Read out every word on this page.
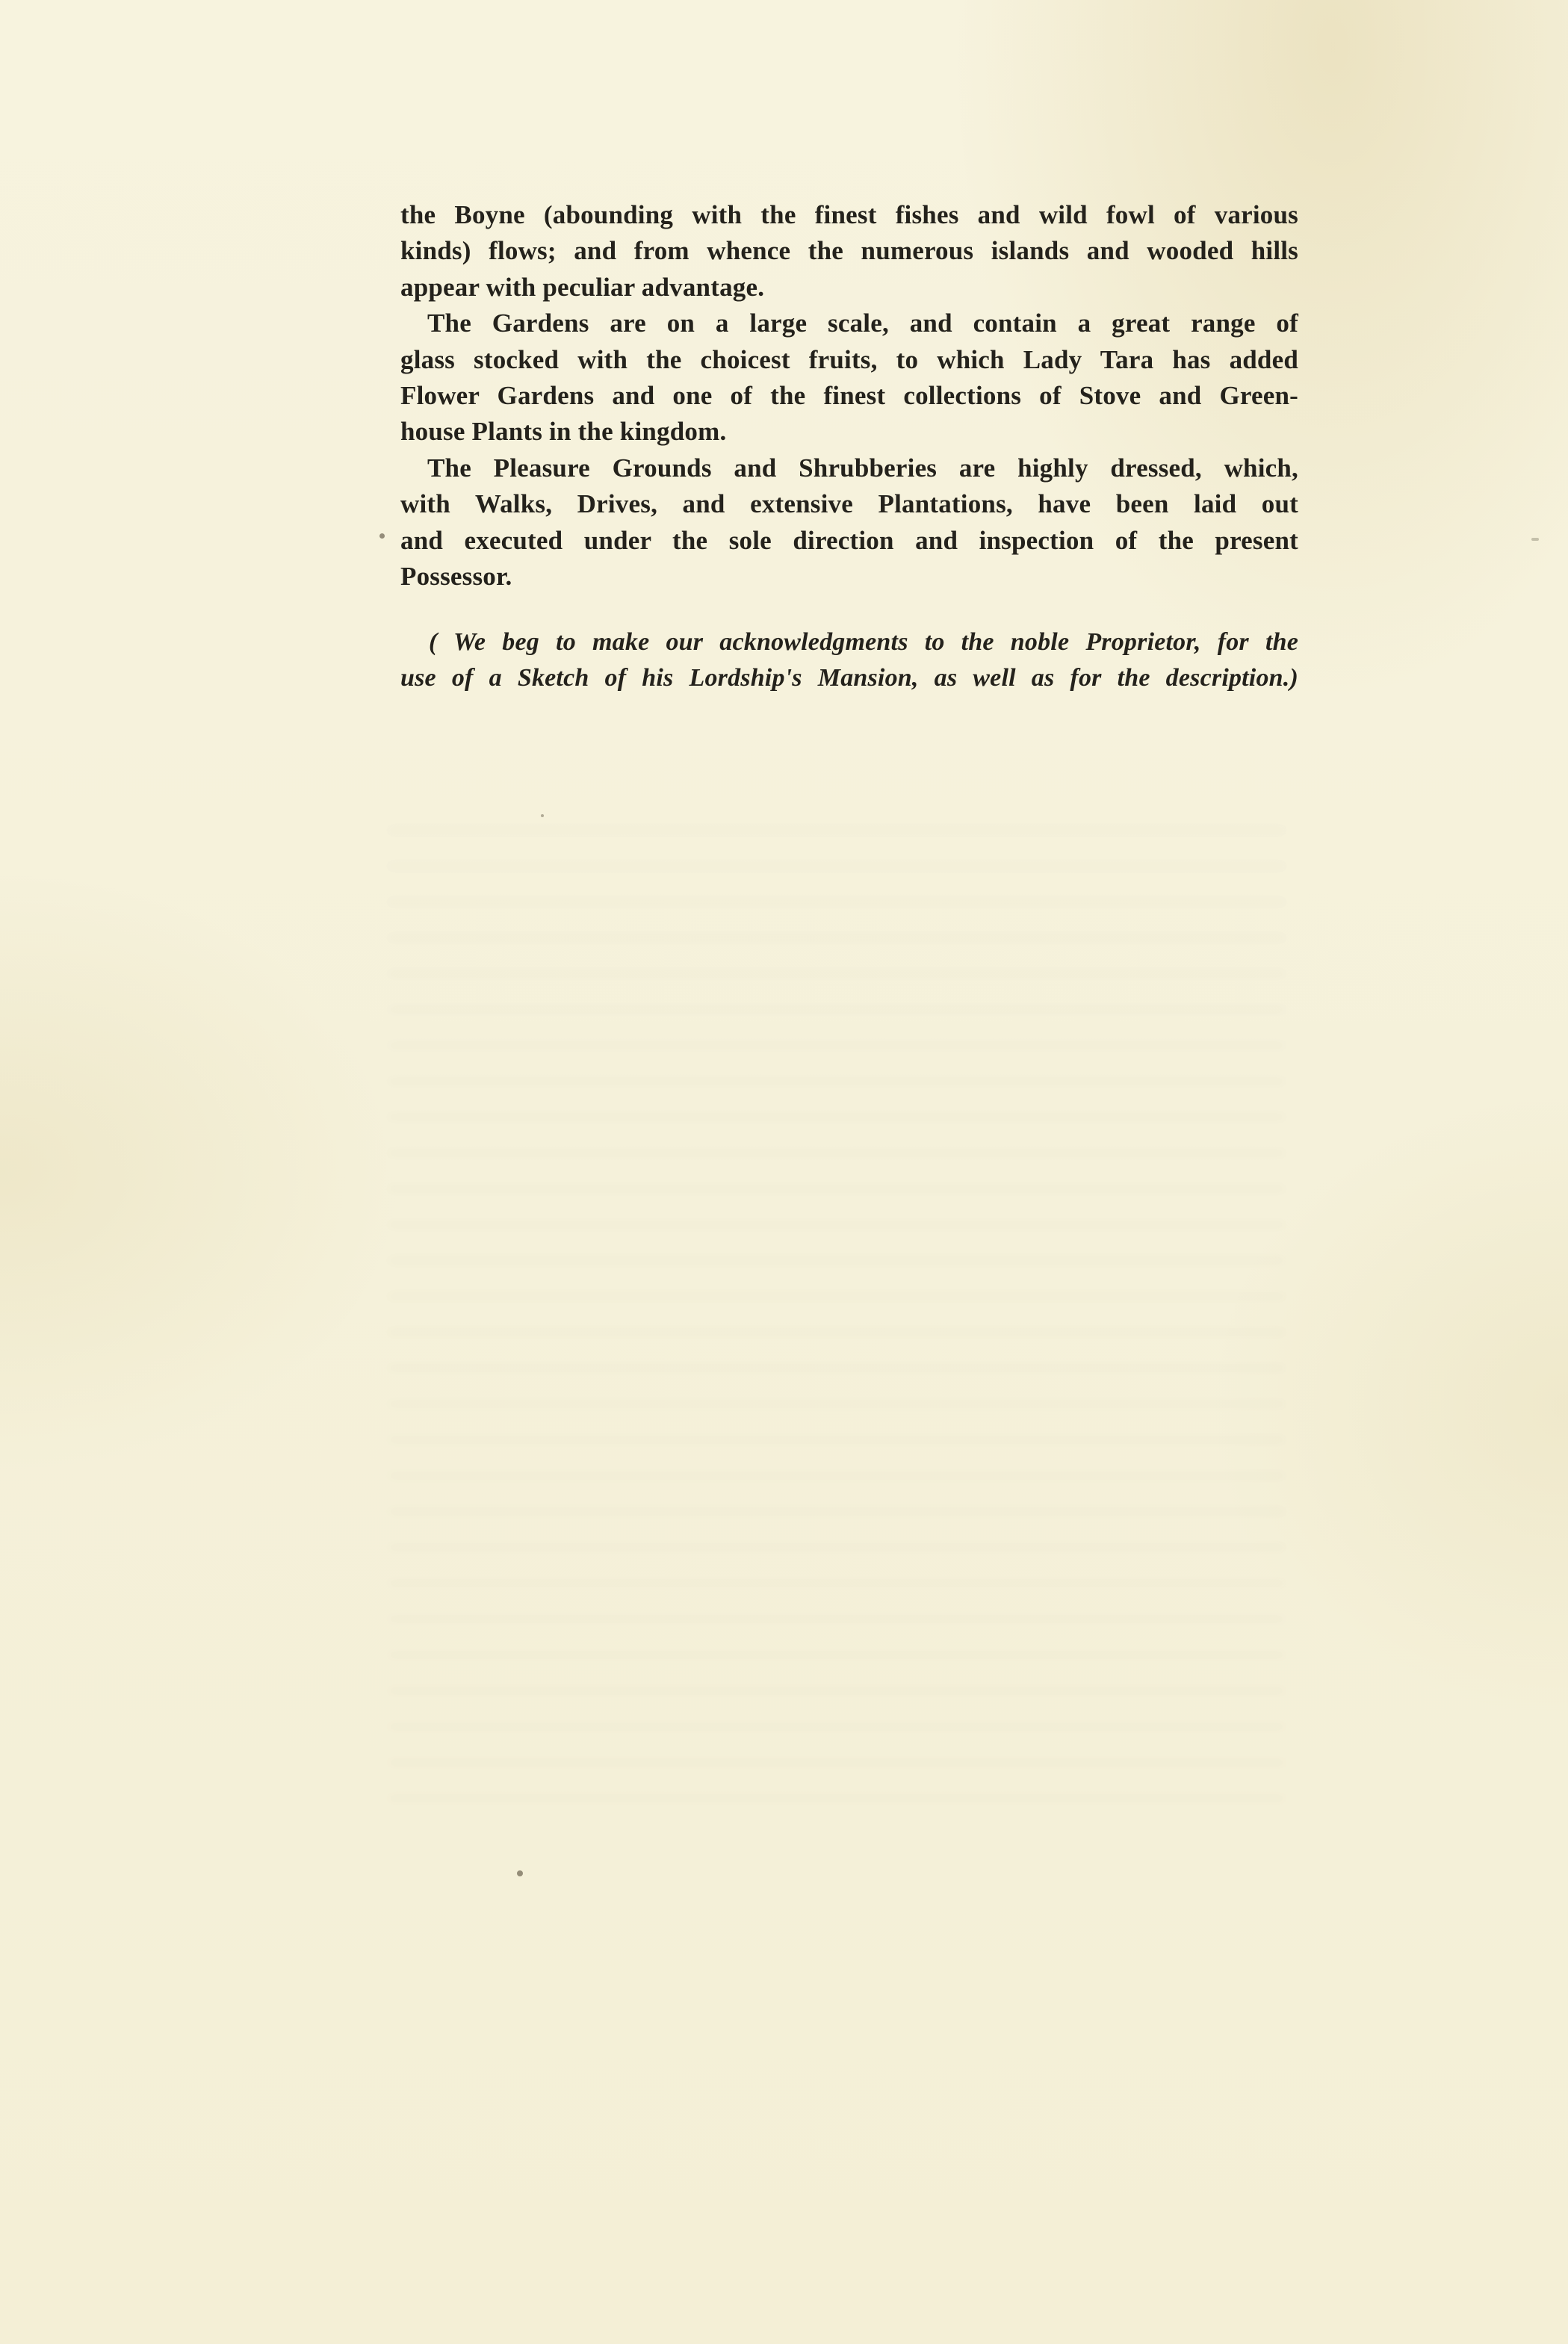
the Boyne (abounding with the finest fishes and wild fowl of various
kinds) flows; and from whence the numerous islands and wooded hills
appear with peculiar advantage.

The Gardens are on a large scale, and contain a great range of
glass stocked with the choicest fruits, to which Lady Tara has added
Flower Gardens and one of the finest collections of Stove and Green-
house Plants in the kingdom.

The Pleasure Grounds and Shrubberies are highly dressed, which,
with Walks, Drives, and extensive Plantations, have been laid out
and executed under the sole direction and inspection of the present
Possessor.

( We beg to make our acknowledgments to the noble Proprietor, for the
use of a Sketch of his Lordship's Mansion, as well as for the description.)
